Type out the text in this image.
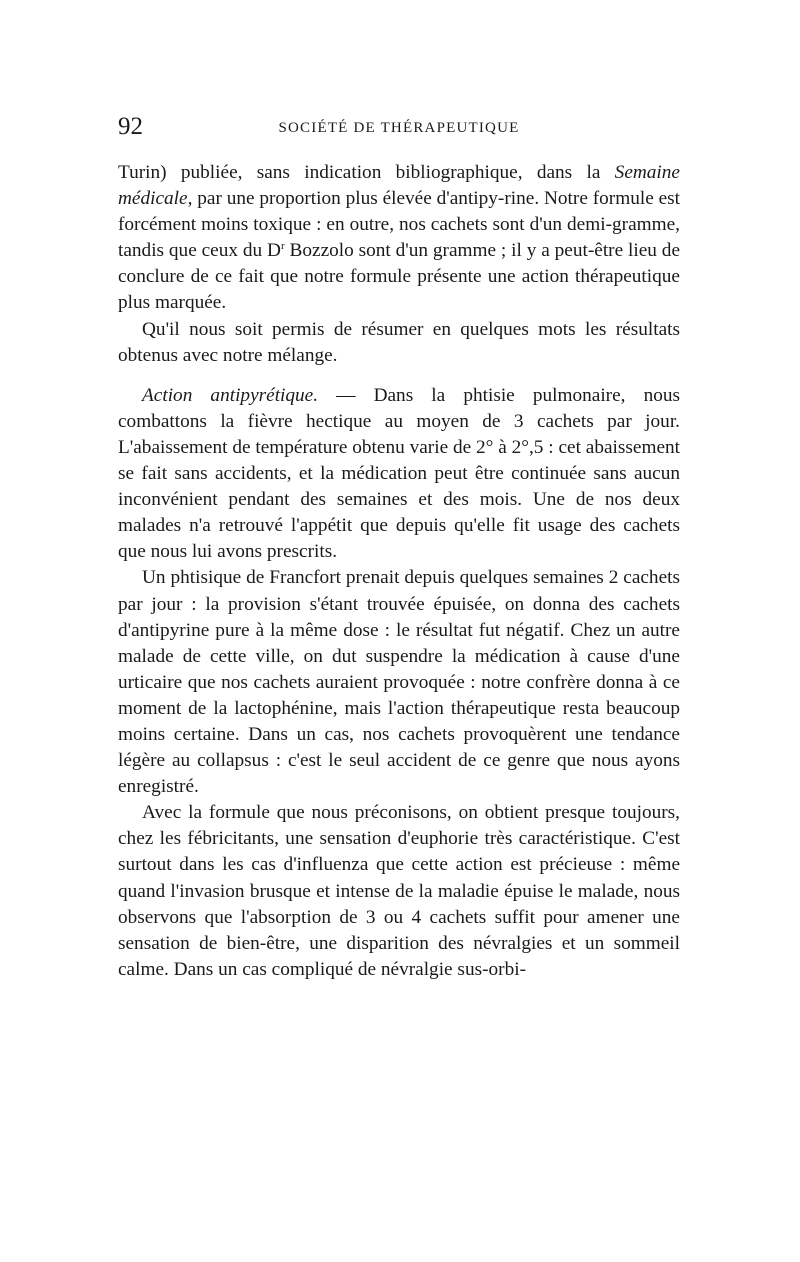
92	SOCIÉTÉ DE THÉRAPEUTIQUE

Turin) publiée, sans indication bibliographique, dans la Semaine médicale, par une proportion plus élevée d'antipy-rine. Notre formule est forcément moins toxique : en outre, nos cachets sont d'un demi-gramme, tandis que ceux du $D^r$ Bozzolo sont d'un gramme ; il y a peut-être lieu de conclure de ce fait que notre formule présente une action thérapeutique plus marquée.

Qu'il nous soit permis de résumer en quelques mots les résultats obtenus avec notre mélange.

Action antipyrétique. — Dans la phtisie pulmonaire, nous combattons la fièvre hectique au moyen de 3 cachets par jour. L'abaissement de température obtenu varie de 2° à 2°,5 : cet abaissement se fait sans accidents, et la médication peut être continuée sans aucun inconvénient pendant des semaines et des mois. Une de nos deux malades n'a retrouvé l'appétit que depuis qu'elle fit usage des cachets que nous lui avons prescrits.

Un phtisique de Francfort prenait depuis quelques semaines 2 cachets par jour : la provision s'étant trouvée épuisée, on donna des cachets d'antipyrine pure à la même dose : le résultat fut négatif. Chez un autre malade de cette ville, on dut suspendre la médication à cause d'une urticaire que nos cachets auraient provoquée : notre confrère donna à ce moment de la lactophénine, mais l'action thérapeutique resta beaucoup moins certaine. Dans un cas, nos cachets provoquèrent une tendance légère au collapsus : c'est le seul accident de ce genre que nous ayons enregistré.

Avec la formule que nous préconisons, on obtient presque toujours, chez les fébricitants, une sensation d'euphorie très caractéristique. C'est surtout dans les cas d'influenza que cette action est précieuse : même quand l'invasion brusque et intense de la maladie épuise le malade, nous observons que l'absorption de 3 ou 4 cachets suffit pour amener une sensation de bien-être, une disparition des névralgies et un sommeil calme. Dans un cas compliqué de névralgie sus-orbi-
